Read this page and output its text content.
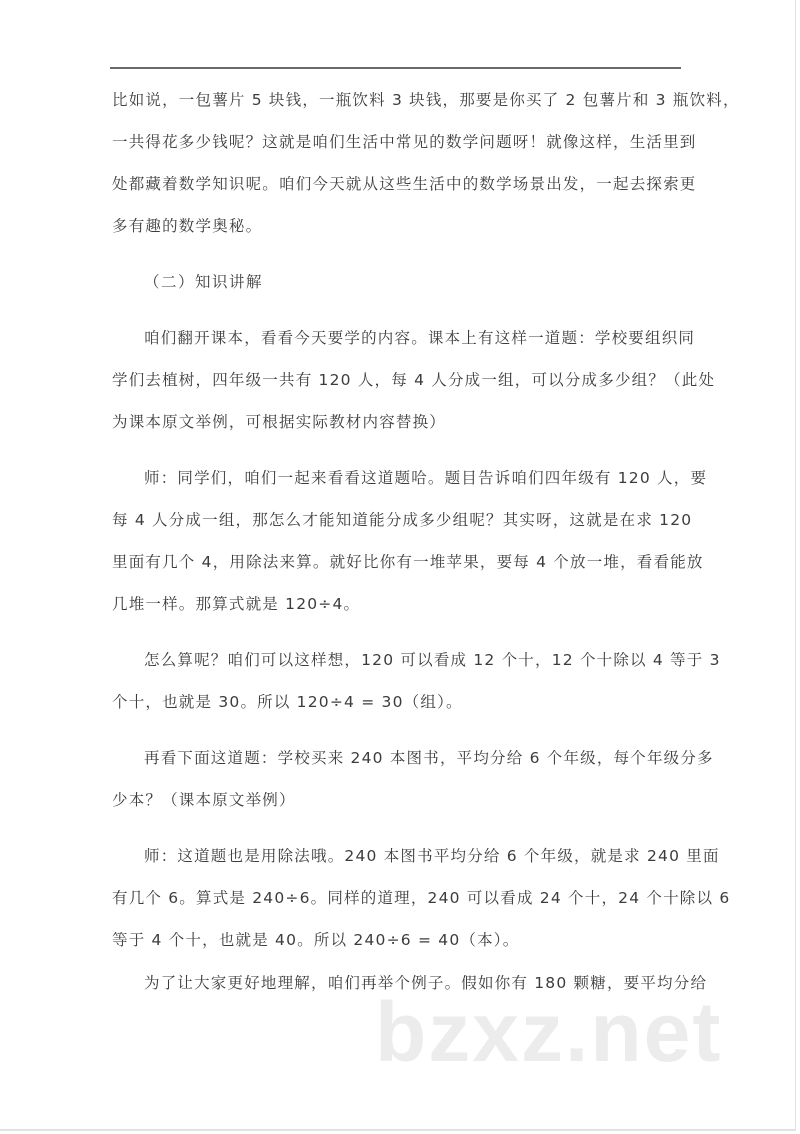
比如说，一包薯片 5 块钱，一瓶饮料 3 块钱，那要是你买了 2 包薯片和 3 瓶饮料，
一共得花多少钱呢？这就是咱们生活中常见的数学问题呀！就像这样，生活里到
处都藏着数学知识呢。咱们今天就从这些生活中的数学场景出发，一起去探索更
多有趣的数学奥秘。
（二）知识讲解
咱们翻开课本，看看今天要学的内容。课本上有这样一道题：学校要组织同
学们去植树，四年级一共有 120 人，每 4 人分成一组，可以分成多少组？（此处
为课本原文举例，可根据实际教材内容替换）
师：同学们，咱们一起来看看这道题哈。题目告诉咱们四年级有 120 人，要
每 4 人分成一组，那怎么才能知道能分成多少组呢？其实呀，这就是在求 120
里面有几个 4，用除法来算。就好比你有一堆苹果，要每 4 个放一堆，看看能放
几堆一样。那算式就是 120÷4。
怎么算呢？咱们可以这样想，120 可以看成 12 个十，12 个十除以 4 等于 3
个十，也就是 30。所以 120÷4 = 30（组）。
再看下面这道题：学校买来 240 本图书，平均分给 6 个年级，每个年级分多
少本？（课本原文举例）
师：这道题也是用除法哦。240 本图书平均分给 6 个年级，就是求 240 里面
有几个 6。算式是 240÷6。同样的道理，240 可以看成 24 个十，24 个十除以 6
等于 4 个十，也就是 40。所以 240÷6 = 40（本）。
为了让大家更好地理解，咱们再举个例子。假如你有 180 颗糖，要平均分给
bzxz.net
